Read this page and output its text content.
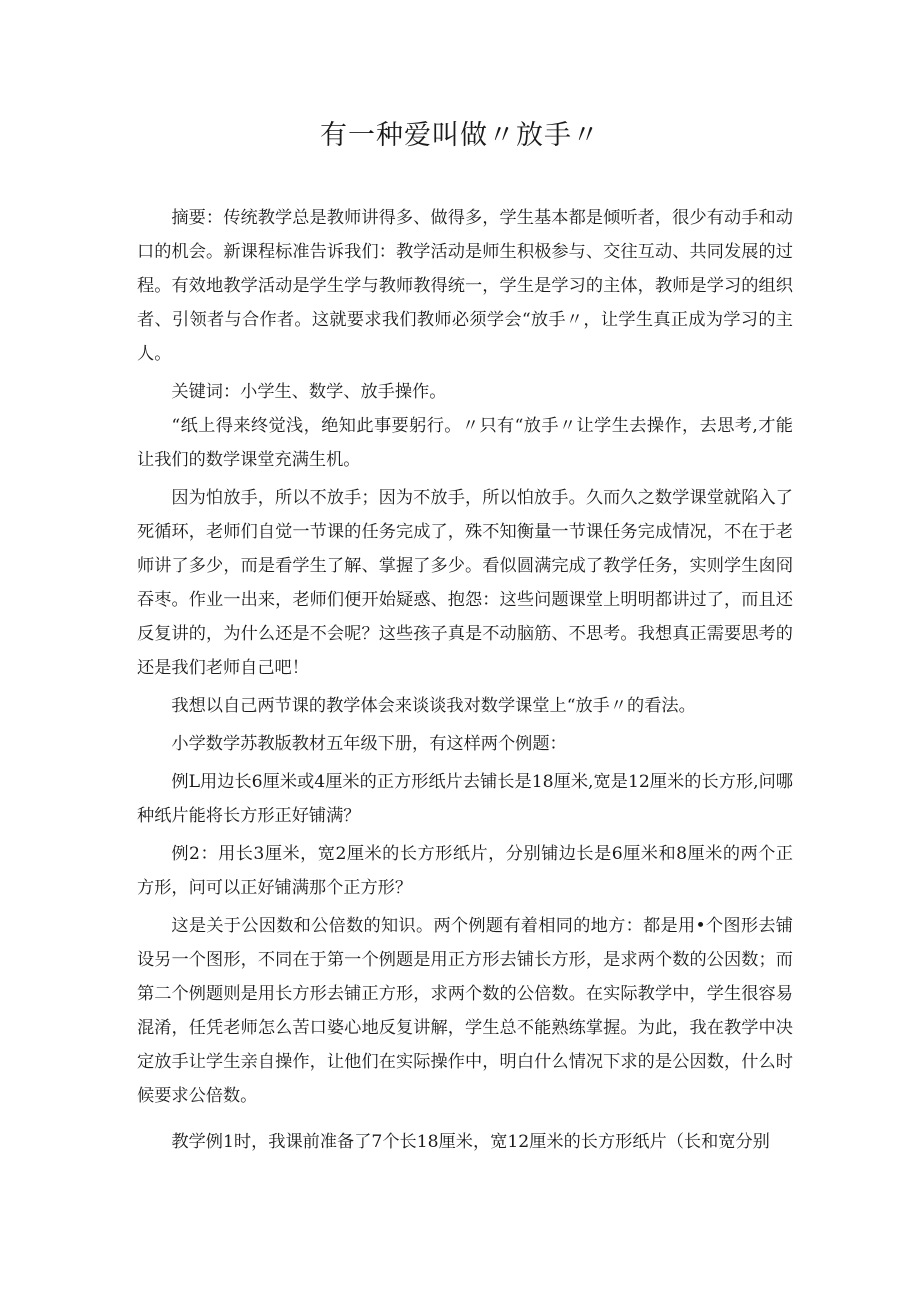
有一种爱叫做〃放手〃

摘要：传统教学总是教师讲得多、做得多，学生基本都是倾听者，很少有动手和动口的机会。新课程标准告诉我们：教学活动是师生积极参与、交往互动、共同发展的过程。有效地教学活动是学生学与教师教得统一，学生是学习的主体，教师是学习的组织者、引领者与合作者。这就要求我们教师必须学会“放手〃，让学生真正成为学习的主人。

关键词：小学生、数学、放手操作。

“纸上得来终觉浅，绝知此事要躬行。〃只有“放手〃让学生去操作，去思考,才能让我们的数学课堂充满生机。

因为怕放手，所以不放手；因为不放手，所以怕放手。久而久之数学课堂就陷入了死循环，老师们自觉一节课的任务完成了，殊不知衡量一节课任务完成情况，不在于老师讲了多少，而是看学生了解、掌握了多少。看似圆满完成了教学任务，实则学生囱冏吞枣。作业一出来，老师们便开始疑惑、抱怨：这些问题课堂上明明都讲过了，而且还反复讲的，为什么还是不会呢？这些孩子真是不动脑筋、不思考。我想真正需要思考的还是我们老师自己吧！

我想以自己两节课的教学体会来谈谈我对数学课堂上“放手〃的看法。

小学数学苏教版教材五年级下册，有这样两个例题：

例L用边长6厘米或4厘米的正方形纸片去铺长是18厘米,宽是12厘米的长方形,问哪种纸片能将长方形正好铺满？

例2：用长3厘米，宽2厘米的长方形纸片，分别铺边长是6厘米和8厘米的两个正方形，问可以正好铺满那个正方形？

这是关于公因数和公倍数的知识。两个例题有着相同的地方：都是用•个图形去铺设另一个图形，不同在于第一个例题是用正方形去铺长方形，是求两个数的公因数；而第二个例题则是用长方形去铺正方形，求两个数的公倍数。在实际教学中，学生很容易混淆，任凭老师怎么苦口婆心地反复讲解，学生总不能熟练掌握。为此，我在教学中决定放手让学生亲自操作，让他们在实际操作中，明白什么情况下求的是公因数，什么时候要求公倍数。

教学例1时，我课前准备了7个长18厘米，宽12厘米的长方形纸片（长和宽分别
